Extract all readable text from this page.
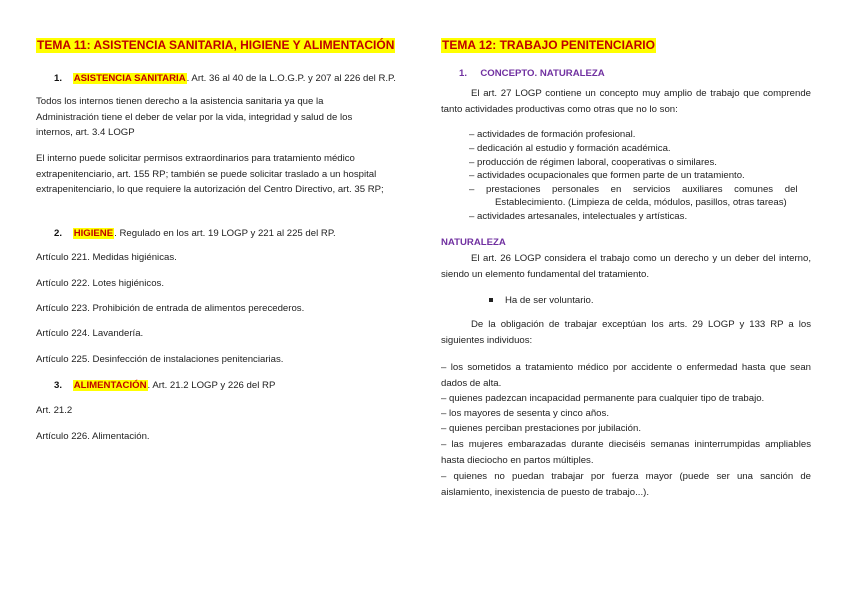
TEMA 11: ASISTENCIA SANITARIA, HIGIENE Y ALIMENTACIÓN
1. ASISTENCIA SANITARIA. Art. 36 al 40 de la L.O.G.P. y 207 al 226 del R.P.
Todos los internos tienen derecho a la asistencia sanitaria ya que la Administración tiene el deber de velar por la vida, integridad y salud de los internos, art. 3.4 LOGP
El interno puede solicitar permisos extraordinarios para tratamiento médico extrapenitenciario, art. 155 RP; también se puede solicitar traslado a un hospital extrapenitenciario, lo que requiere la autorización del Centro Directivo, art. 35 RP;
2. HIGIENE. Regulado en los art. 19 LOGP y 221 al 225 del RP.
Artículo 221. Medidas higiénicas.
Artículo 222. Lotes higiénicos.
Artículo 223. Prohibición de entrada de alimentos perecederos.
Artículo 224. Lavandería.
Artículo 225. Desinfección de instalaciones penitenciarias.
3. ALIMENTACIÓN. Art. 21.2 LOGP y 226 del RP
Art. 21.2
Artículo 226. Alimentación.
TEMA 12: TRABAJO PENITENCIARIO
1.     CONCEPTO. NATURALEZA
El art. 27 LOGP contiene un concepto muy amplio de trabajo que comprende tanto actividades productivas como otras que no lo son:
– actividades de formación profesional.
– dedicación al estudio y formación académica.
– producción de régimen laboral, cooperativas o similares.
– actividades ocupacionales que formen parte de un tratamiento.
– prestaciones personales en servicios auxiliares comunes del
Establecimiento. (Limpieza de celda, módulos, pasillos, otras tareas)
– actividades artesanales, intelectuales y artísticas.
NATURALEZA
El art. 26 LOGP considera el trabajo como un derecho y un deber del interno, siendo un elemento fundamental del tratamiento.
Ha de ser voluntario.
De la obligación de trabajar exceptúan los arts. 29 LOGP y 133 RP a los siguientes individuos:
– los sometidos a tratamiento médico por accidente o enfermedad hasta que sean dados de alta.
– quienes padezcan incapacidad permanente para cualquier tipo de trabajo.
– los mayores de sesenta y cinco años.
– quienes perciban prestaciones por jubilación.
– las mujeres embarazadas durante dieciséis semanas ininterrumpidas ampliables hasta dieciocho en partos múltiples.
– quienes no puedan trabajar por fuerza mayor (puede ser una sanción de aislamiento, inexistencia de puesto de trabajo...).
